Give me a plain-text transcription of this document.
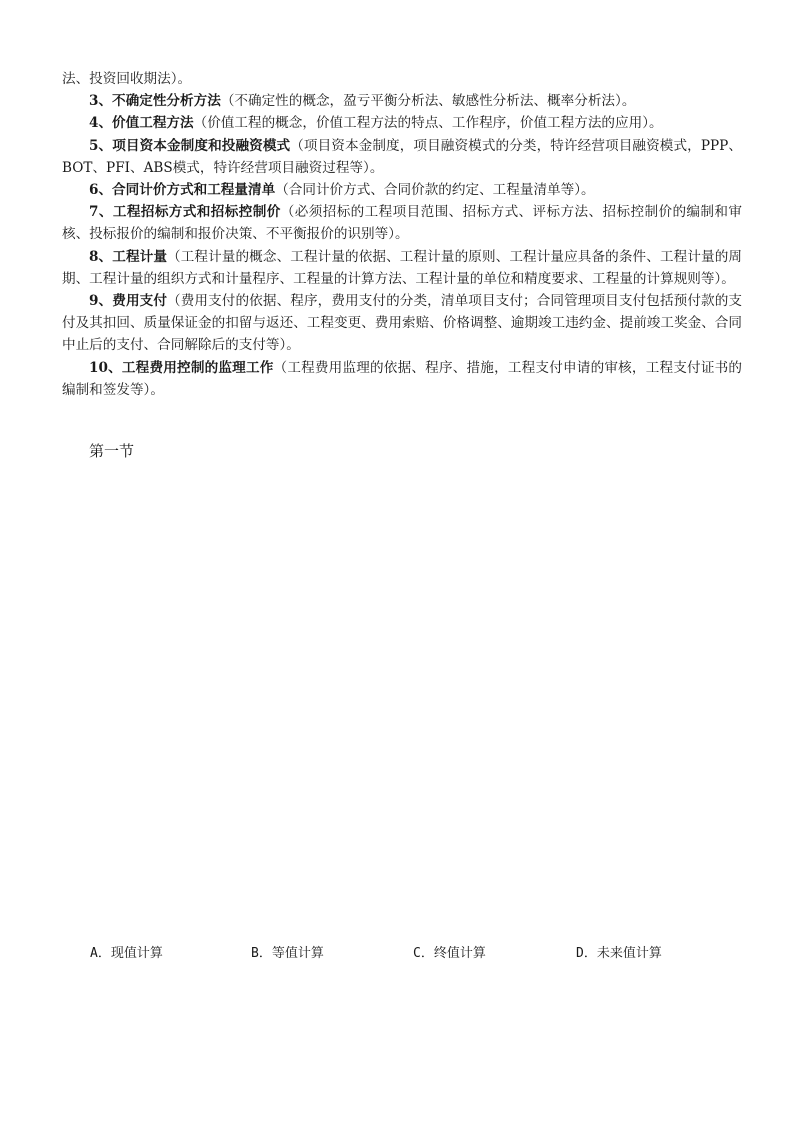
法、投资回收期法）。

3、不确定性分析方法（不确定性的概念，盈亏平衡分析法、敏感性分析法、概率分析法）。

4、价值工程方法（价值工程的概念，价值工程方法的特点、工作程序，价值工程方法的应用）。

5、项目资本金制度和投融资模式（项目资本金制度，项目融资模式的分类，特许经营项目融资模式，PPP、BOT、PFI、ABS模式，特许经营项目融资过程等）。

6、合同计价方式和工程量清单（合同计价方式、合同价款的约定、工程量清单等）。

7、工程招标方式和招标控制价（必须招标的工程项目范围、招标方式、评标方法、招标控制价的编制和审核、投标报价的编制和报价决策、不平衡报价的识别等）。

8、工程计量（工程计量的概念、工程计量的依据、工程计量的原则、工程计量应具备的条件、工程计量的周期、工程计量的组织方式和计量程序、工程量的计算方法、工程计量的单位和精度要求、工程量的计算规则等）。

9、费用支付（费用支付的依据、程序，费用支付的分类，清单项目支付；合同管理项目支付包括预付款的支付及其扣回、质量保证金的扣留与返还、工程变更、费用索赔、价格调整、逾期竣工违约金、提前竣工奖金、合同中止后的支付、合同解除后的支付等）。

10、工程费用控制的监理工作（工程费用监理的依据、程序、措施，工程支付申请的审核，工程支付证书的编制和签发等）。

第一节
A．现值计算	B．等值计算	C．终值计算	D．未来值计算
